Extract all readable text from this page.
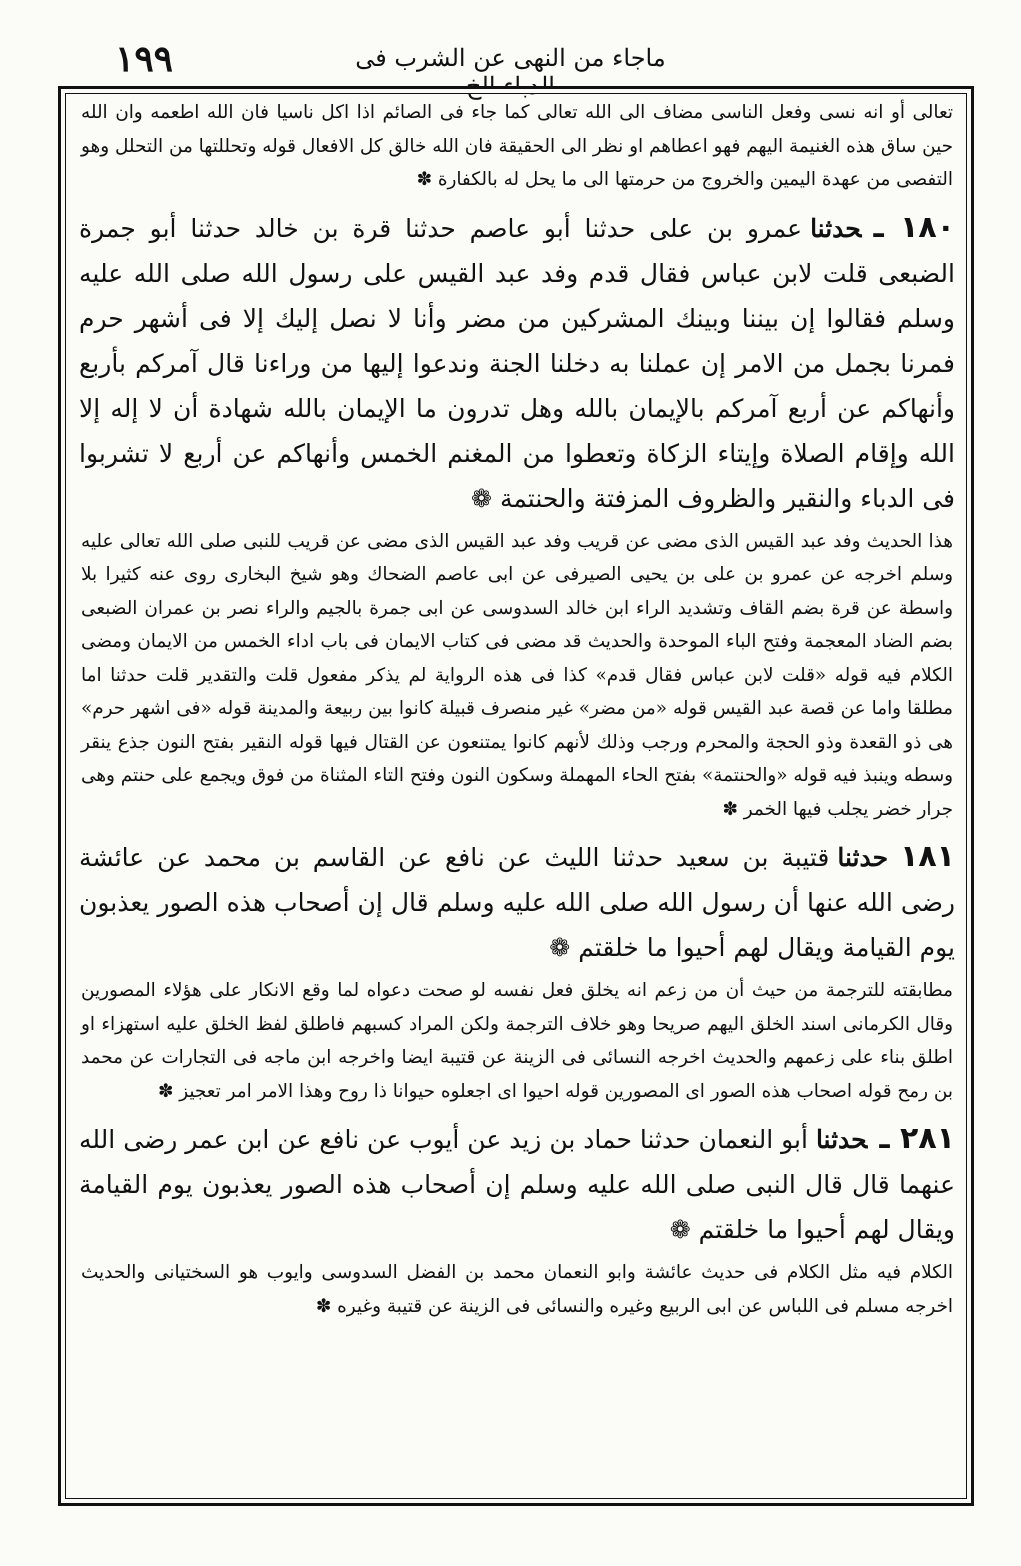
١٩٩	ماجاء من النهى عن الشرب فى الدباء الخ

تعالى أو انه نسى وفعل الناسى مضاف الى الله تعالى كما جاء فى الصائم اذا اكل ناسيا فان الله اطعمه وان الله حين ساق هذه الغنيمة اليهم فهو اعطاهم او نظر الى الحقيقة فان الله خالق كل الافعال قوله وتحللتها من التحلل وهو التفصى من عهدة اليمين والخروج من حرمتها الى ما يحل له بالكفارة ✽

١٨٠ ـحدثناعمرو بن على حدثنا أبو عاصم حدثنا قرة بن خالد حدثنا أبو جمرة الضبعى قلت لابن عباس فقال قدم وفد عبد القيس على رسول الله صلى الله عليه وسلم فقالوا إن بيننا وبينك المشركين من مضر وأنا لا نصل إليك إلا فى أشهر حرم فمرنا بجمل من الامر إن عملنا به دخلنا الجنة وندعوا إليها من وراءنا قال آمركم بأربع وأنهاكم عن أربع آمركم بالإيمان بالله وهل تدرون ما الإيمان بالله شهادة أن لا إله إلا الله وإقام الصلاة وإيتاء الزكاة وتعطوا من المغنم الخمس وأنهاكم عن أربع لا تشربوا فى الدباء والنقير والظروف المزفتة والحنتمة ❁

هذا الحديث وفد عبد القيس الذى مضى عن قريب وفد عبد القيس الذى مضى عن قريب للنبى صلى الله تعالى عليه وسلم اخرجه عن عمرو بن على بن يحيى الصيرفى عن ابى عاصم الضحاك وهو شيخ البخارى روى عنه كثيرا بلا واسطة عن قرة بضم القاف وتشديد الراء ابن خالد السدوسى عن ابى جمرة بالجيم والراء نصر بن عمران الضبعى بضم الضاد المعجمة وفتح الباء الموحدة والحديث قد مضى فى كتاب الايمان فى باب اداء الخمس من الايمان ومضى الكلام فيه قوله «قلت لابن عباس فقال قدم» كذا فى هذه الرواية لم يذكر مفعول قلت والتقدير قلت حدثنا اما مطلقا واما عن قصة عبد القيس قوله «من مضر» غير منصرف قبيلة كانوا بين ربيعة والمدينة قوله «فى اشهر حرم» هى ذو القعدة وذو الحجة والمحرم ورجب وذلك لأنهم كانوا يمتنعون عن القتال فيها قوله النقير بفتح النون جذع ينقر وسطه وينبذ فيه قوله «والحنتمة» بفتح الحاء المهملة وسكون النون وفتح التاء المثناة من فوق ويجمع على حنتم وهى جرار خضر يجلب فيها الخمر ✽

١٨١حدثناقتيبة بن سعيد حدثنا الليث عن نافع عن القاسم بن محمد عن عائشة رضى الله عنها أن رسول الله صلى الله عليه وسلم قال إن أصحاب هذه الصور يعذبون يوم القيامة ويقال لهم أحيوا ما خلقتم ❁

مطابقته للترجمة من حيث أن من زعم انه يخلق فعل نفسه لو صحت دعواه لما وقع الانكار على هؤلاء المصورين وقال الكرمانى اسند الخلق اليهم صريحا وهو خلاف الترجمة ولكن المراد كسبهم فاطلق لفظ الخلق عليه استهزاء او اطلق بناء على زعمهم والحديث اخرجه النسائى فى الزينة عن قتيبة ايضا واخرجه ابن ماجه فى التجارات عن محمد بن رمح قوله اصحاب هذه الصور اى المصورين قوله احيوا اى اجعلوه حيوانا ذا روح وهذا الامر امر تعجيز ✽

٢٨١ ـحدثناأبو النعمان حدثنا حماد بن زيد عن أيوب عن نافع عن ابن عمر رضى الله عنهما قال قال النبى صلى الله عليه وسلم إن أصحاب هذه الصور يعذبون يوم القيامة ويقال لهم أحيوا ما خلقتم ❁

الكلام فيه مثل الكلام فى حديث عائشة وابو النعمان محمد بن الفضل السدوسى وايوب هو السختيانى والحديث اخرجه مسلم فى اللباس عن ابى الربيع وغيره والنسائى فى الزينة عن قتيبة وغيره ✽
